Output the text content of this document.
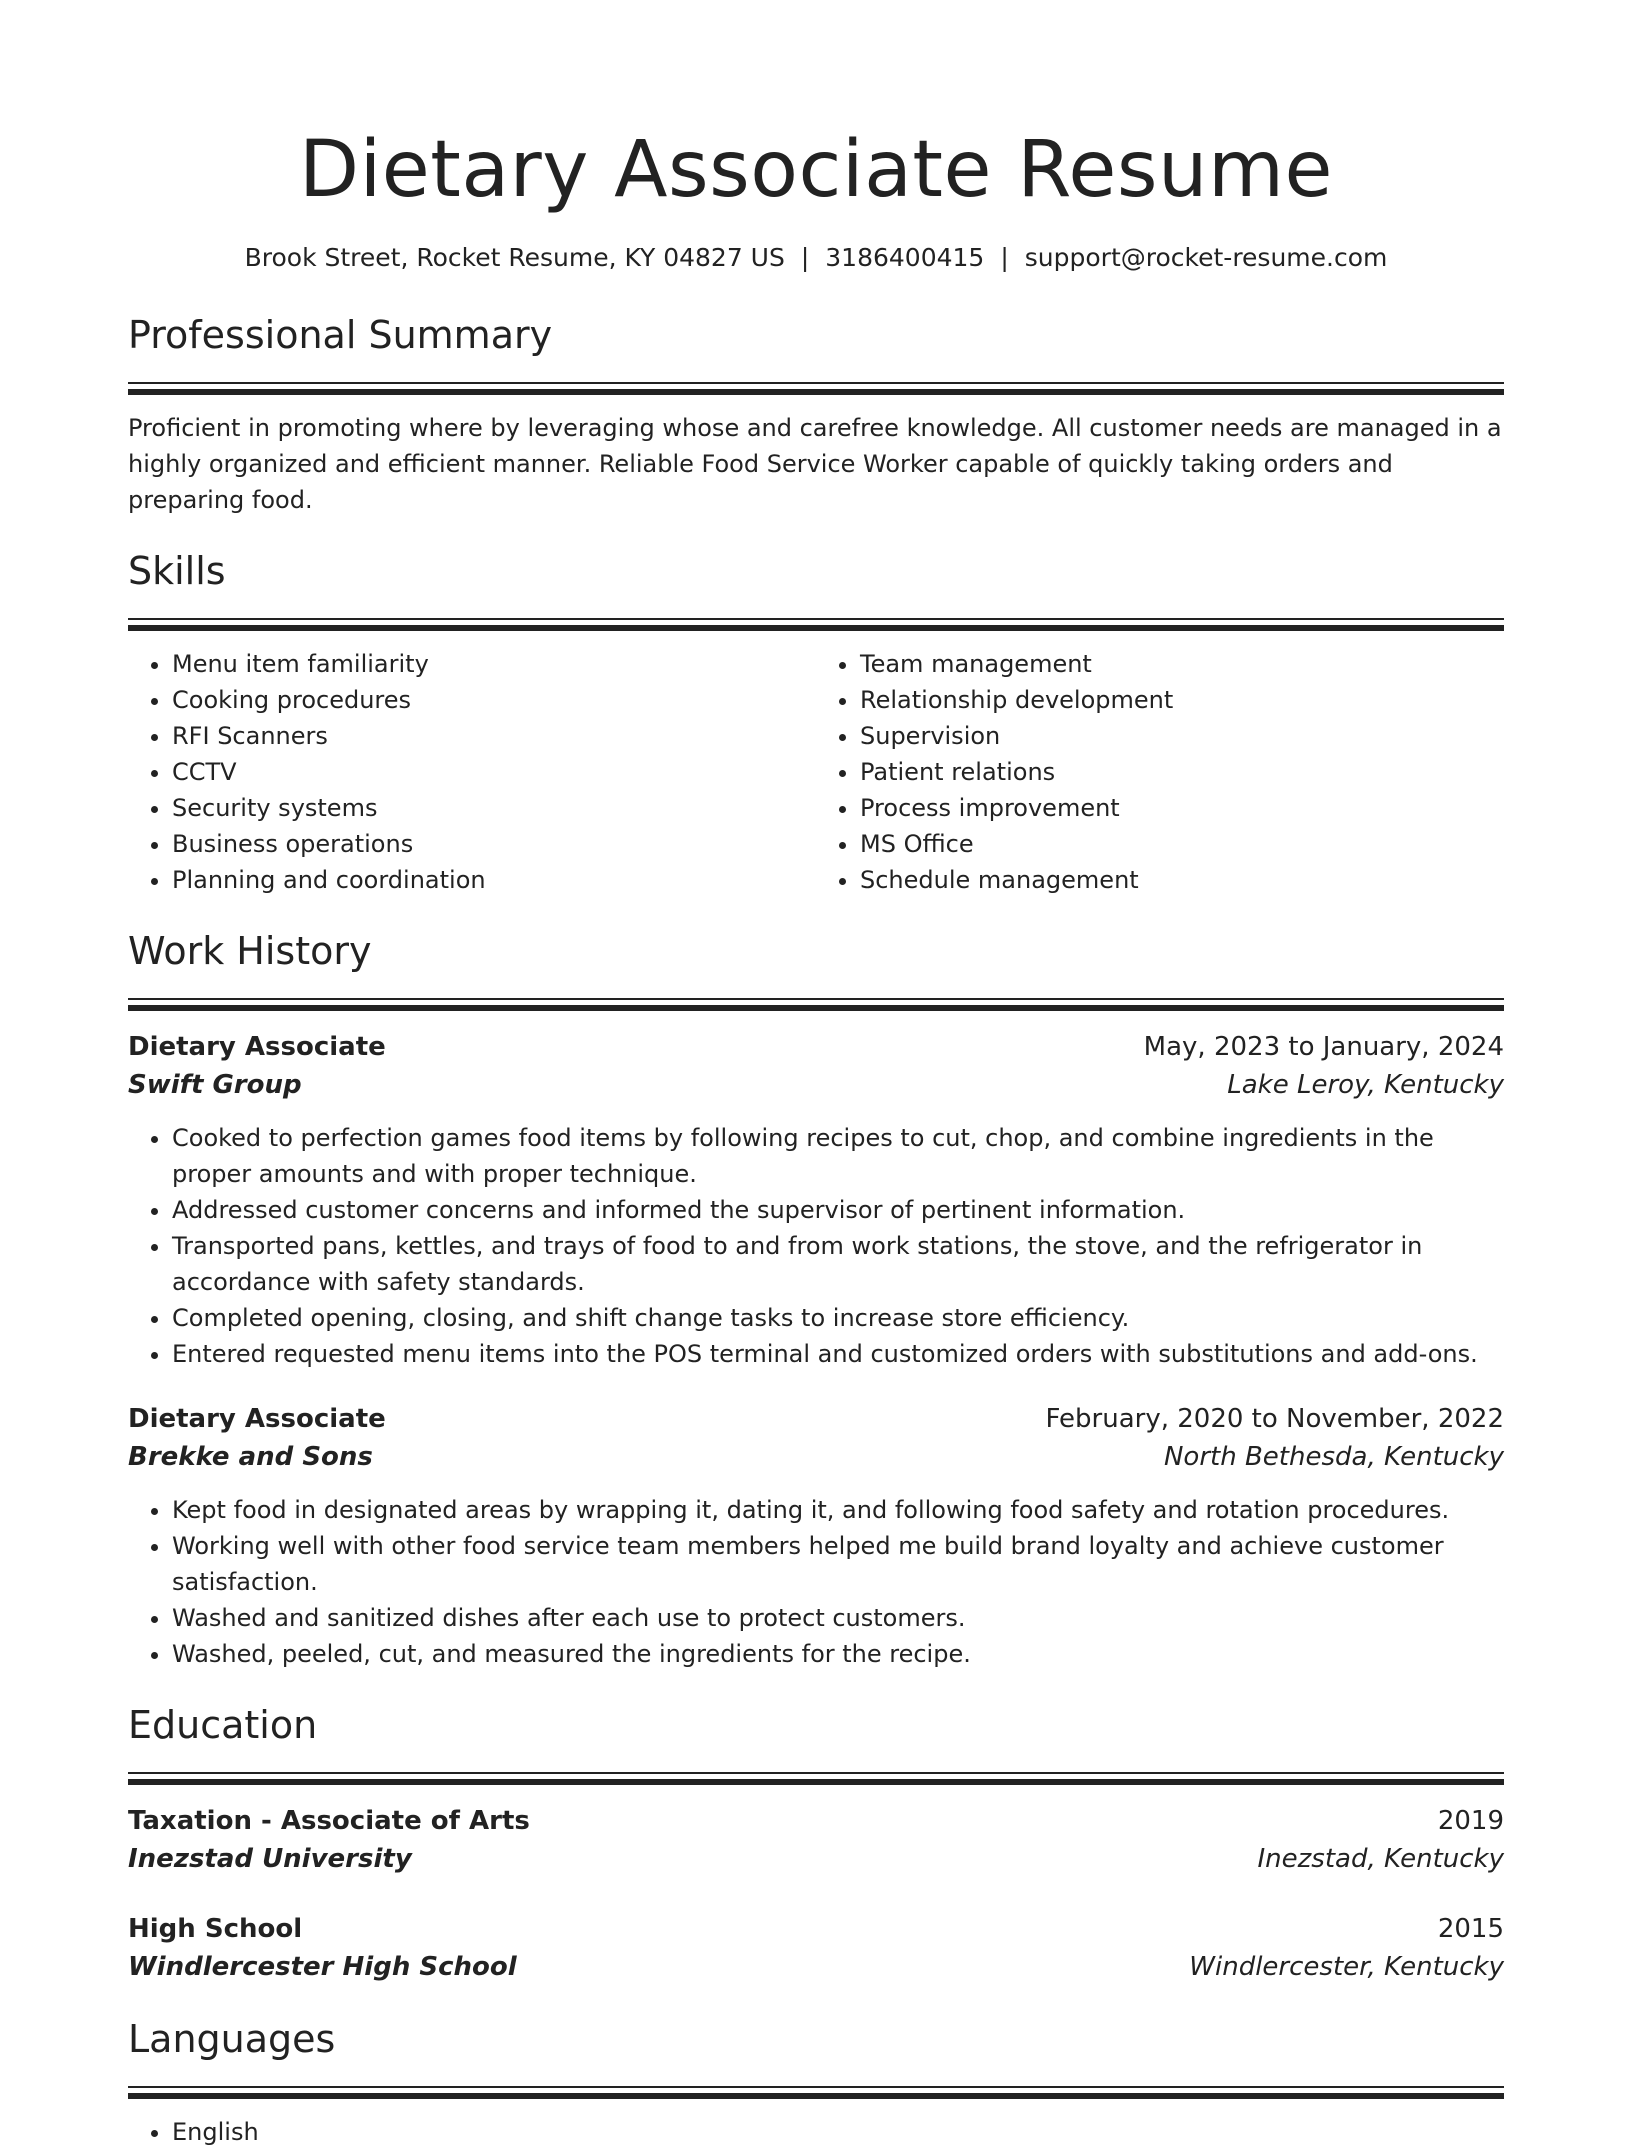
Dietary Associate Resume
Brook Street, Rocket Resume, KY 04827 US | 3186400415 | support@rocket-resume.com
Professional Summary
Proficient in promoting where by leveraging whose and carefree knowledge. All customer needs are managed in a highly organized and efficient manner. Reliable Food Service Worker capable of quickly taking orders and preparing food.
Skills
• Menu item familiarity
• Cooking procedures
• RFI Scanners
• CCTV
• Security systems
• Business operations
• Planning and coordination
• Team management
• Relationship development
• Supervision
• Patient relations
• Process improvement
• MS Office
• Schedule management
Work History
Dietary Associate	May, 2023 to January, 2024
Swift Group	Lake Leroy, Kentucky
• Cooked to perfection games food items by following recipes to cut, chop, and combine ingredients in the proper amounts and with proper technique.
• Addressed customer concerns and informed the supervisor of pertinent information.
• Transported pans, kettles, and trays of food to and from work stations, the stove, and the refrigerator in accordance with safety standards.
• Completed opening, closing, and shift change tasks to increase store efficiency.
• Entered requested menu items into the POS terminal and customized orders with substitutions and add-ons.
Dietary Associate	February, 2020 to November, 2022
Brekke and Sons	North Bethesda, Kentucky
• Kept food in designated areas by wrapping it, dating it, and following food safety and rotation procedures.
• Working well with other food service team members helped me build brand loyalty and achieve customer satisfaction.
• Washed and sanitized dishes after each use to protect customers.
• Washed, peeled, cut, and measured the ingredients for the recipe.
Education
Taxation - Associate of Arts	2019
Inezstad University	Inezstad, Kentucky
High School	2015
Windlercester High School	Windlercester, Kentucky
Languages
• English
